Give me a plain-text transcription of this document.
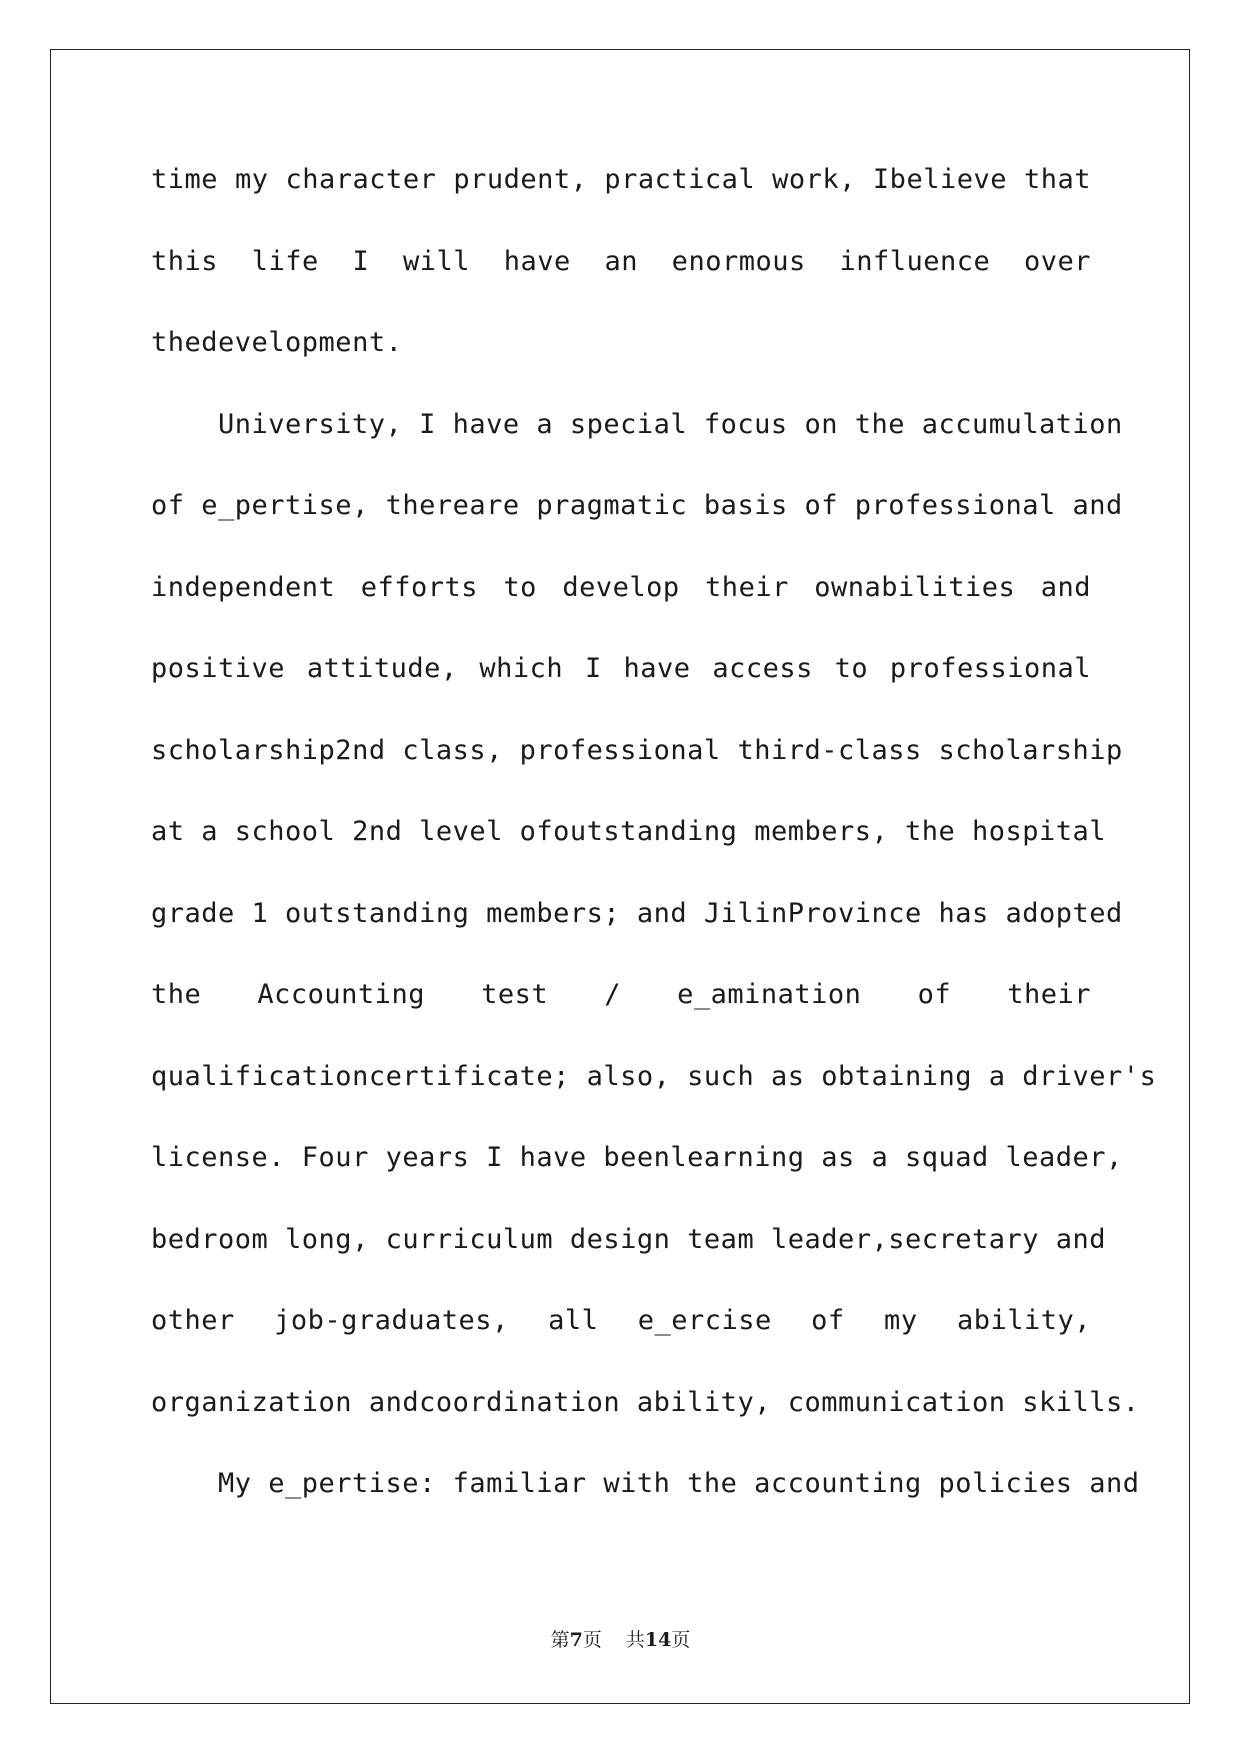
time my character prudent, practical work, Ibelieve that
this life I will have an enormous influence over
thedevelopment.
University, I have a special focus on the accumulation
of e_pertise, thereare pragmatic basis of professional and
independent efforts to develop their ownabilities and
positive attitude, which I have access to professional
scholarship2nd class, professional third-class scholarship
at a school 2nd level ofoutstanding members, the hospital
grade 1 outstanding members; and JilinProvince has adopted
the Accounting test / e_amination of their
qualificationcertificate; also, such as obtaining a driver's
license. Four years I have beenlearning as a squad leader,
bedroom long, curriculum design team leader,secretary and
other job-graduates, all e_ercise of my ability,
organization andcoordination ability, communication skills.
My e_pertise: familiar with the accounting policies and
第7页 共14页
